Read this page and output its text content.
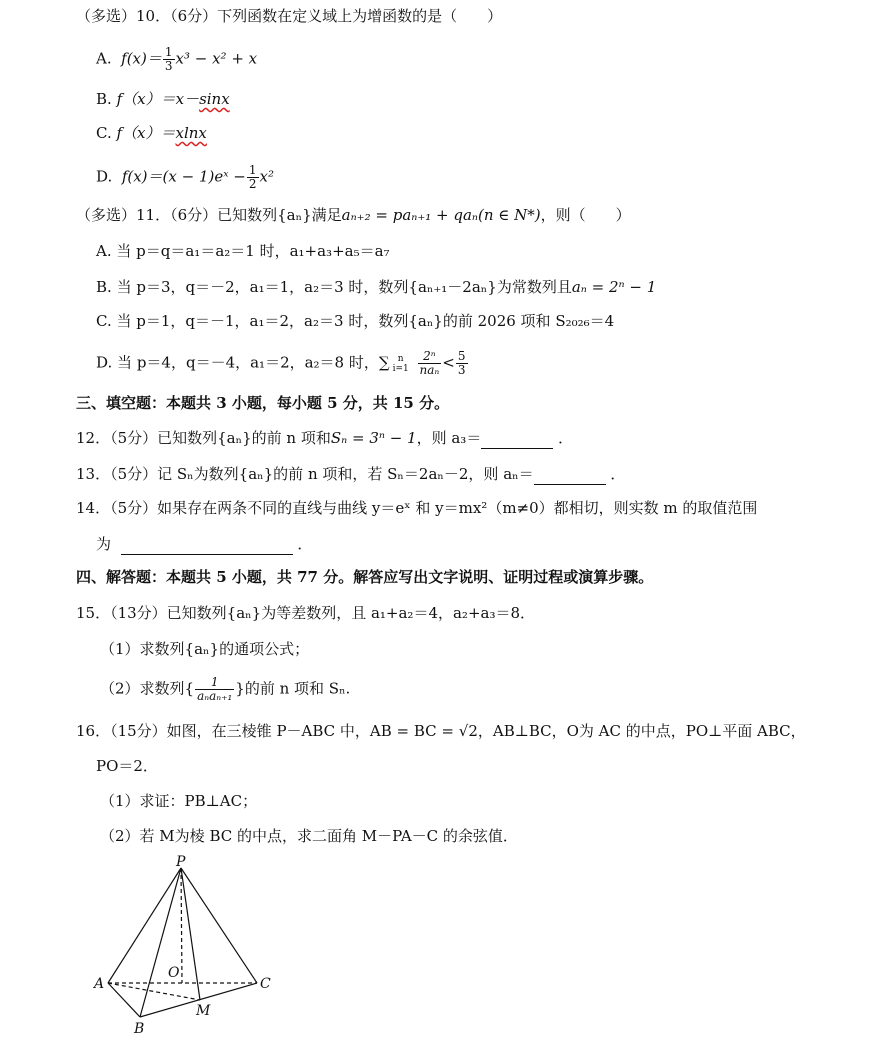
（多选）10．（6分）下列函数在定义域上为增函数的是（　　）
A. $f(x)= \frac{1}{3} x^3 - x^2 + x$
B. f（x）＝x－sinx
C. f（x）＝xlnx
D. f(x)＝(x − 1)eˣ − $\frac{1}{2} x^2$
（多选）11．（6分）已知数列{aₙ}满足aₙ₊₂ = paₙ₊₁ + qaₙ(n ∈ N*)，则（　　）
A. 当 p＝q＝a₁＝a₂＝1 时，a₁+a₃+a₅＝a₇
B. 当 p＝3，q＝－2，a₁＝1，a₂＝3 时，数列{aₙ₊₁－2aₙ}为常数列且aₙ = 2ⁿ − 1
C. 当 p＝1，q＝－1，a₁＝2，a₂＝3 时，数列{aₙ}的前 2026 项和 S₂₀₂₆＝4
D. 当 p＝4，q＝－4，a₁＝2，a₂＝8 时，∑ n
i=1
$\frac{\text{2ⁿ}}{\text{naₙ}} < \frac{5}{3}$
三、填空题：本题共 3 小题，每小题 5 分，共 15 分。
12．（5分）已知数列{aₙ}的前 n 项和Sₙ = 3ⁿ − 1，则 a₃＝	．
13．（5分）记 Sₙ为数列{aₙ}的前 n 项和，若 Sₙ＝2aₙ－2，则 aₙ＝	．
14．（5分）如果存在两条不同的直线与曲线 y＝eˣ 和 y＝mx²（m≠0）都相切，则实数 m 的取值范围
为	．
四、解答题：本题共 5 小题，共 77 分。解答应写出文字说明、证明过程或演算步骤。
15．（13分）已知数列{aₙ}为等差数列，且 a₁+a₂＝4，a₂+a₃＝8．
（1）求数列{aₙ}的通项公式；
（2）求数列{ $\frac{1}{\text{aₙaₙ₊₁}}$ }的前 n 项和 Sₙ.
16．（15分）如图，在三棱锥 P－ABC 中，AB = BC = √2，AB⊥BC，O为 AC 的中点，PO⊥平面 ABC，
PO＝2．
（1）求证：PB⊥AC；
（2）若 M为棱 BC 的中点，求二面角 M－PA－C 的余弦值．
P
A
B
C
O
M
